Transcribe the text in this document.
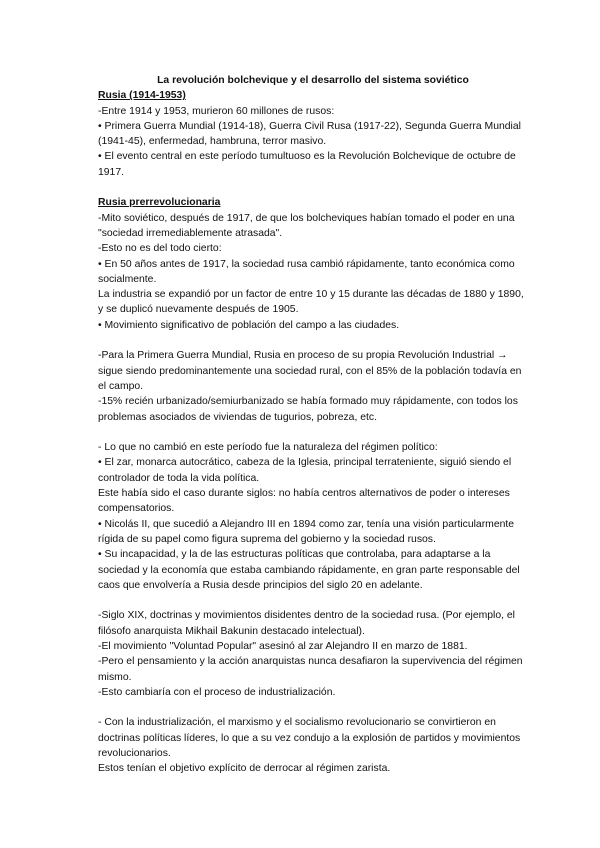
La revolución bolchevique y el desarrollo del sistema soviético

Rusia (1914-1953)

-Entre 1914 y 1953, murieron 60 millones de rusos:

• Primera Guerra Mundial (1914-18), Guerra Civil Rusa (1917-22), Segunda Guerra Mundial (1941-45), enfermedad, hambruna, terror masivo.

• El evento central en este período tumultuoso es la Revolución Bolchevique de octubre de 1917.

Rusia prerrevolucionaria

-Mito soviético, después de 1917, de que los bolcheviques habían tomado el poder en una "sociedad irremediablemente atrasada".

-Esto no es del todo cierto:

• En 50 años antes de 1917, la sociedad rusa cambió rápidamente, tanto económica como socialmente.

La industria se expandió por un factor de entre 10 y 15 durante las décadas de 1880 y 1890, y se duplicó nuevamente después de 1905.

• Movimiento significativo de población del campo a las ciudades.

-Para la Primera Guerra Mundial, Rusia en proceso de su propia Revolución Industrial → sigue siendo predominantemente una sociedad rural, con el 85% de la población todavía en el campo.

-15% recién urbanizado/semiurbanizado se había formado muy rápidamente, con todos los problemas asociados de viviendas de tugurios, pobreza, etc.

- Lo que no cambió en este período fue la naturaleza del régimen político:

• El zar, monarca autocrático, cabeza de la Iglesia, principal terrateniente, siguió siendo el controlador de toda la vida política.

Este había sido el caso durante siglos: no había centros alternativos de poder o intereses compensatorios.

• Nicolás II, que sucedió a Alejandro III en 1894 como zar, tenía una visión particularmente rígida de su papel como figura suprema del gobierno y la sociedad rusos.

• Su incapacidad, y la de las estructuras políticas que controlaba, para adaptarse a la sociedad y la economía que estaba cambiando rápidamente, en gran parte responsable del caos que envolvería a Rusia desde principios del siglo 20 en adelante.

-Siglo XIX, doctrinas y movimientos disidentes dentro de la sociedad rusa. (Por ejemplo, el filósofo anarquista Mikhail Bakunin destacado intelectual).

-El movimiento "Voluntad Popular" asesinó al zar Alejandro II en marzo de 1881.

-Pero el pensamiento y la acción anarquistas nunca desafiaron la supervivencia del régimen mismo.

-Esto cambiaría con el proceso de industrialización.

- Con la industrialización, el marxismo y el socialismo revolucionario se convirtieron en doctrinas políticas líderes, lo que a su vez condujo a la explosión de partidos y movimientos revolucionarios.

Estos tenían el objetivo explícito de derrocar al régimen zarista.
